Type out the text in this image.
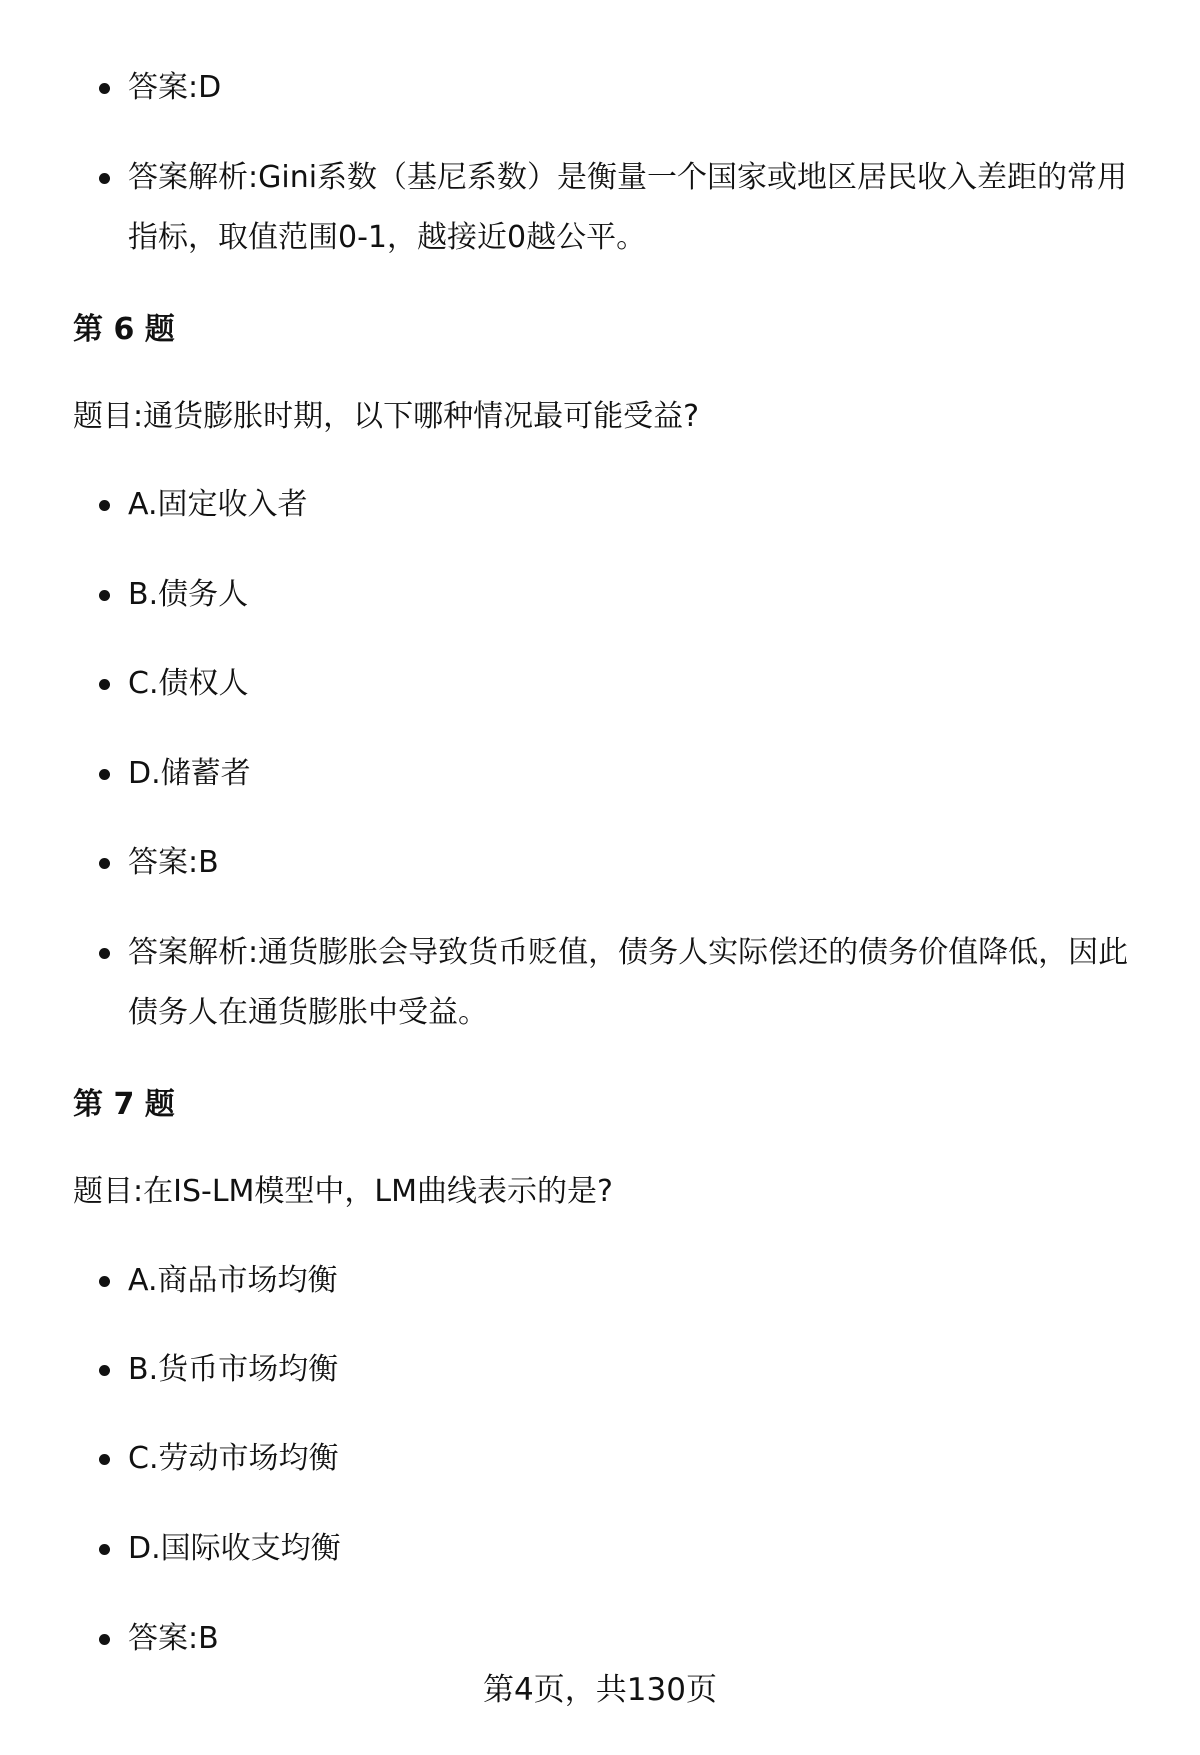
答案:D
答案解析:Gini系数（基尼系数）是衡量一个国家或地区居民收入差距的常用指标，取值范围0-1，越接近0越公平。
第 6 题
题目:通货膨胀时期，以下哪种情况最可能受益?
A.固定收入者
B.债务人
C.债权人
D.储蓄者
答案:B
答案解析:通货膨胀会导致货币贬值，债务人实际偿还的债务价值降低，因此债务人在通货膨胀中受益。
第 7 题
题目:在IS-LM模型中，LM曲线表示的是?
A.商品市场均衡
B.货币市场均衡
C.劳动市场均衡
D.国际收支均衡
答案:B
第4页，共130页
